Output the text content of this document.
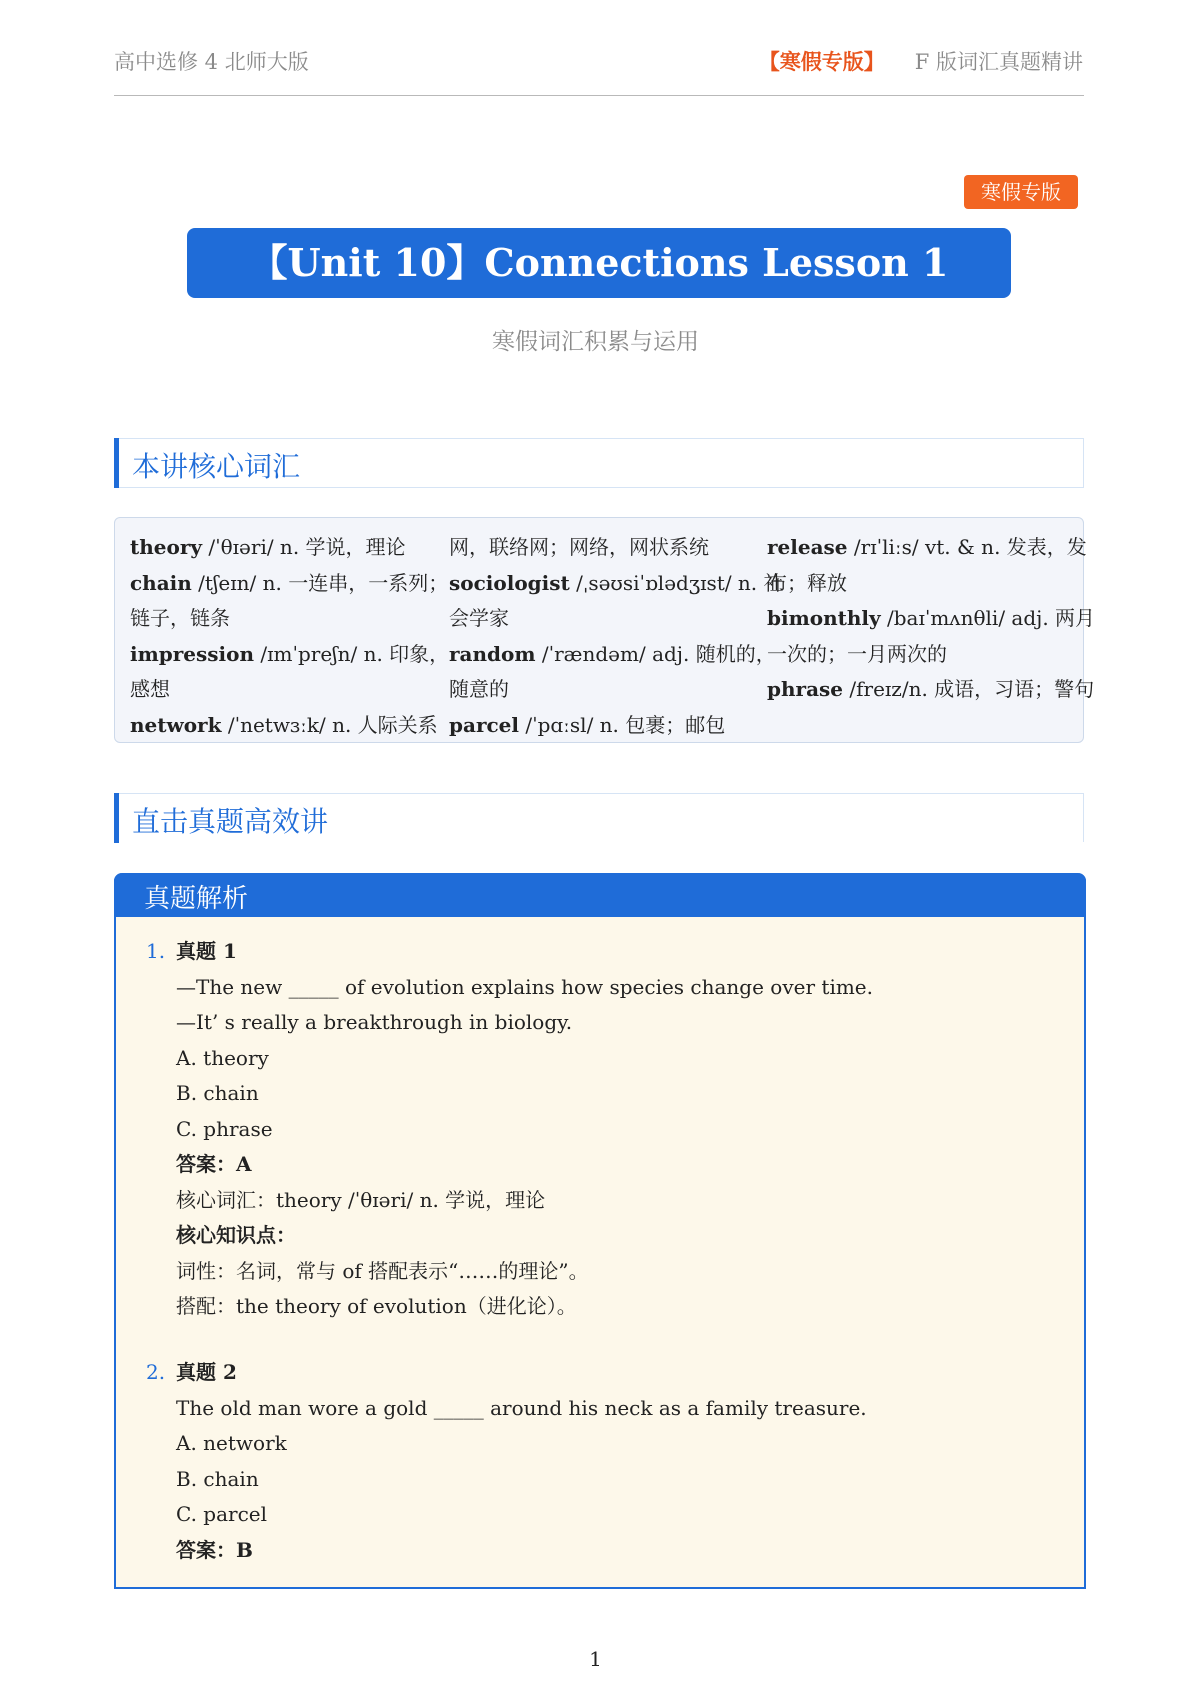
高中选修 4 北师大版	【寒假专版】 F 版词汇真题精讲
寒假专版
【Unit 10】Connections Lesson 1
寒假词汇积累与运用
本讲核心词汇
theory /ˈθɪəri/ n. 学说，理论
chain /tʃeɪn/ n. 一连串，一系列；
链子，链条
impression /ɪmˈpreʃn/ n. 印象，
感想
network /ˈnetwɜːk/ n. 人际关系
网，联络网；网络，网状系统
sociologist /ˌsəʊsiˈɒlədʒɪst/ n. 社
会学家
random /ˈrændəm/ adj. 随机的，
随意的
parcel /ˈpɑːsl/ n. 包裹；邮包
release /rɪˈliːs/ vt. & n. 发表，发
布；释放
bimonthly /baɪˈmʌnθli/ adj. 两月
一次的；一月两次的
phrase /freɪz/n. 成语，习语；警句
直击真题高效讲
真题解析
1. 真题 1
—The new _____ of evolution explains how species change over time.
—It’ s really a breakthrough in biology.
A. theory
B. chain
C. phrase
答案：A
核心词汇：theory /ˈθɪəri/ n. 学说，理论
核心知识点：
词性：名词，常与 of 搭配表示“……的理论”。
搭配：the theory of evolution（进化论）。
2. 真题 2
The old man wore a gold _____ around his neck as a family treasure.
A. network
B. chain
C. parcel
答案：B
1
